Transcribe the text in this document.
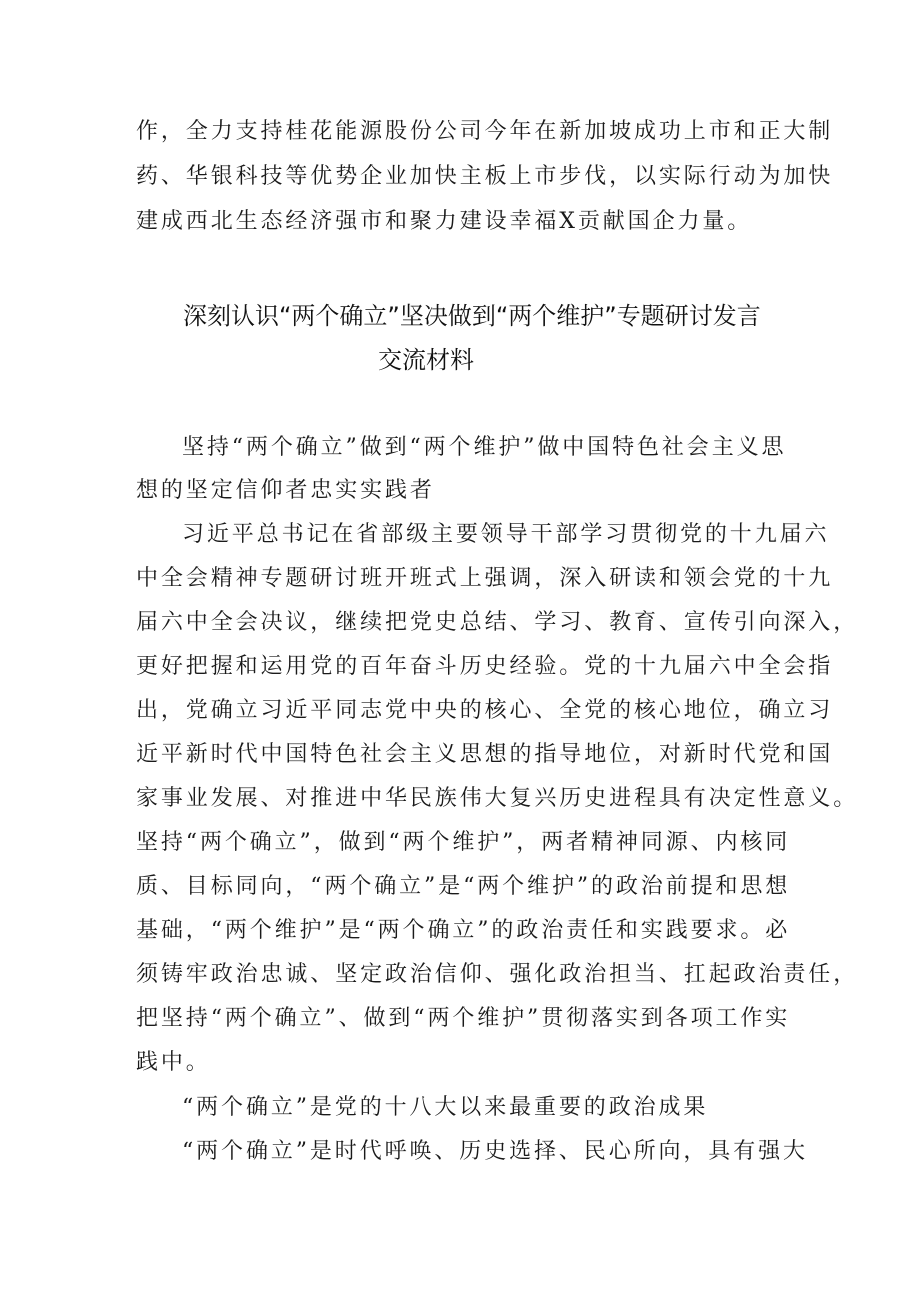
作，全力支持桂花能源股份公司今年在新加坡成功上市和正大制
药、华银科技等优势企业加快主板上市步伐，以实际行动为加快
建成西北生态经济强市和聚力建设幸福X贡献国企力量。
深刻认识“两个确立”坚决做到“两个维护”专题研讨发言
交流材料
坚持“两个确立”做到“两个维护”做中国特色社会主义思
想的坚定信仰者忠实实践者
习近平总书记在省部级主要领导干部学习贯彻党的十九届六
中全会精神专题研讨班开班式上强调，深入研读和领会党的十九
届六中全会决议，继续把党史总结、学习、教育、宣传引向深入，
更好把握和运用党的百年奋斗历史经验。党的十九届六中全会指
出，党确立习近平同志党中央的核心、全党的核心地位，确立习
近平新时代中国特色社会主义思想的指导地位，对新时代党和国
家事业发展、对推进中华民族伟大复兴历史进程具有决定性意义。
坚持“两个确立”，做到“两个维护”，两者精神同源、内核同
质、目标同向，“两个确立”是“两个维护”的政治前提和思想
基础，“两个维护”是“两个确立”的政治责任和实践要求。必
须铸牢政治忠诚、坚定政治信仰、强化政治担当、扛起政治责任，
把坚持“两个确立”、做到“两个维护”贯彻落实到各项工作实
践中。
“两个确立”是党的十八大以来最重要的政治成果
“两个确立”是时代呼唤、历史选择、民心所向，具有强大
